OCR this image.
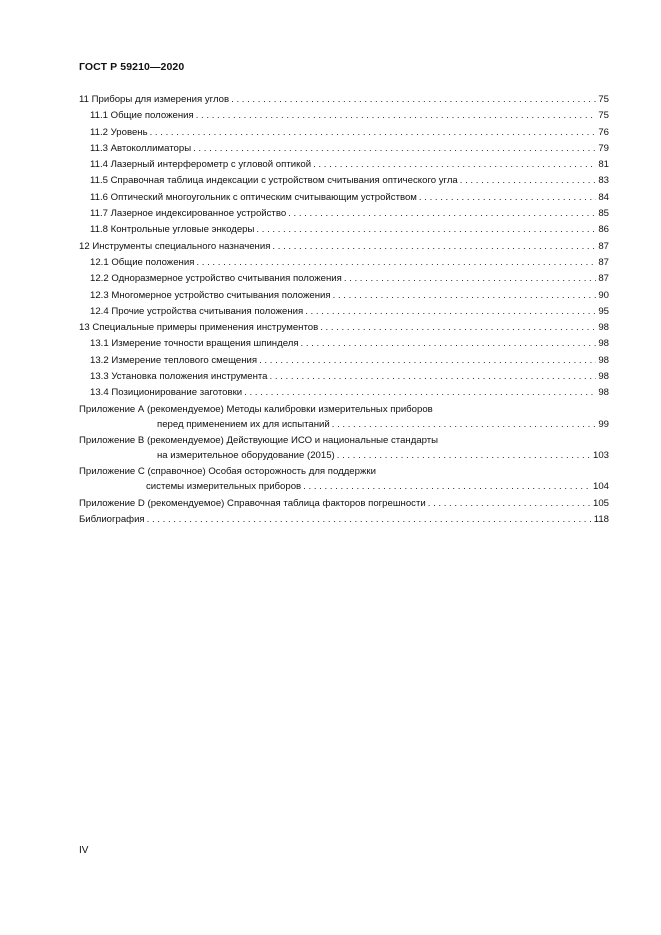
ГОСТ Р 59210—2020
11 Приборы для измерения углов . . .	75
11.1 Общие положения . . .	75
11.2 Уровень . . .	76
11.3 Автоколлиматоры . . .	79
11.4 Лазерный интерферометр с угловой оптикой . . .	81
11.5 Справочная таблица индексации с устройством считывания оптического угла . . .	83
11.6 Оптический многоугольник с оптическим считывающим устройством . . .	84
11.7 Лазерное индексированное устройство . . .	85
11.8 Контрольные угловые энкодеры . . .	86
12 Инструменты специального назначения . . .	87
12.1 Общие положения . . .	87
12.2 Одноразмерное устройство считывания положения . . .	87
12.3 Многомерное устройство считывания положения . . .	90
12.4 Прочие устройства считывания положения . . .	95
13 Специальные примеры применения инструментов . . .	98
13.1 Измерение точности вращения шпинделя . . .	98
13.2 Измерение теплового смещения . . .	98
13.3 Установка положения инструмента . . .	98
13.4 Позиционирование заготовки . . .	98
Приложение А (рекомендуемое) Методы калибровки измерительных приборов
перед применением их для испытаний . . .	99
Приложение В (рекомендуемое) Действующие ИСО и национальные стандарты
на измерительное оборудование (2015) . . .	103
Приложение С (справочное) Особая осторожность для поддержки
системы измерительных приборов . . .	104
Приложение D (рекомендуемое) Справочная таблица факторов погрешности . . .	105
Библиография . . .	118
IV
